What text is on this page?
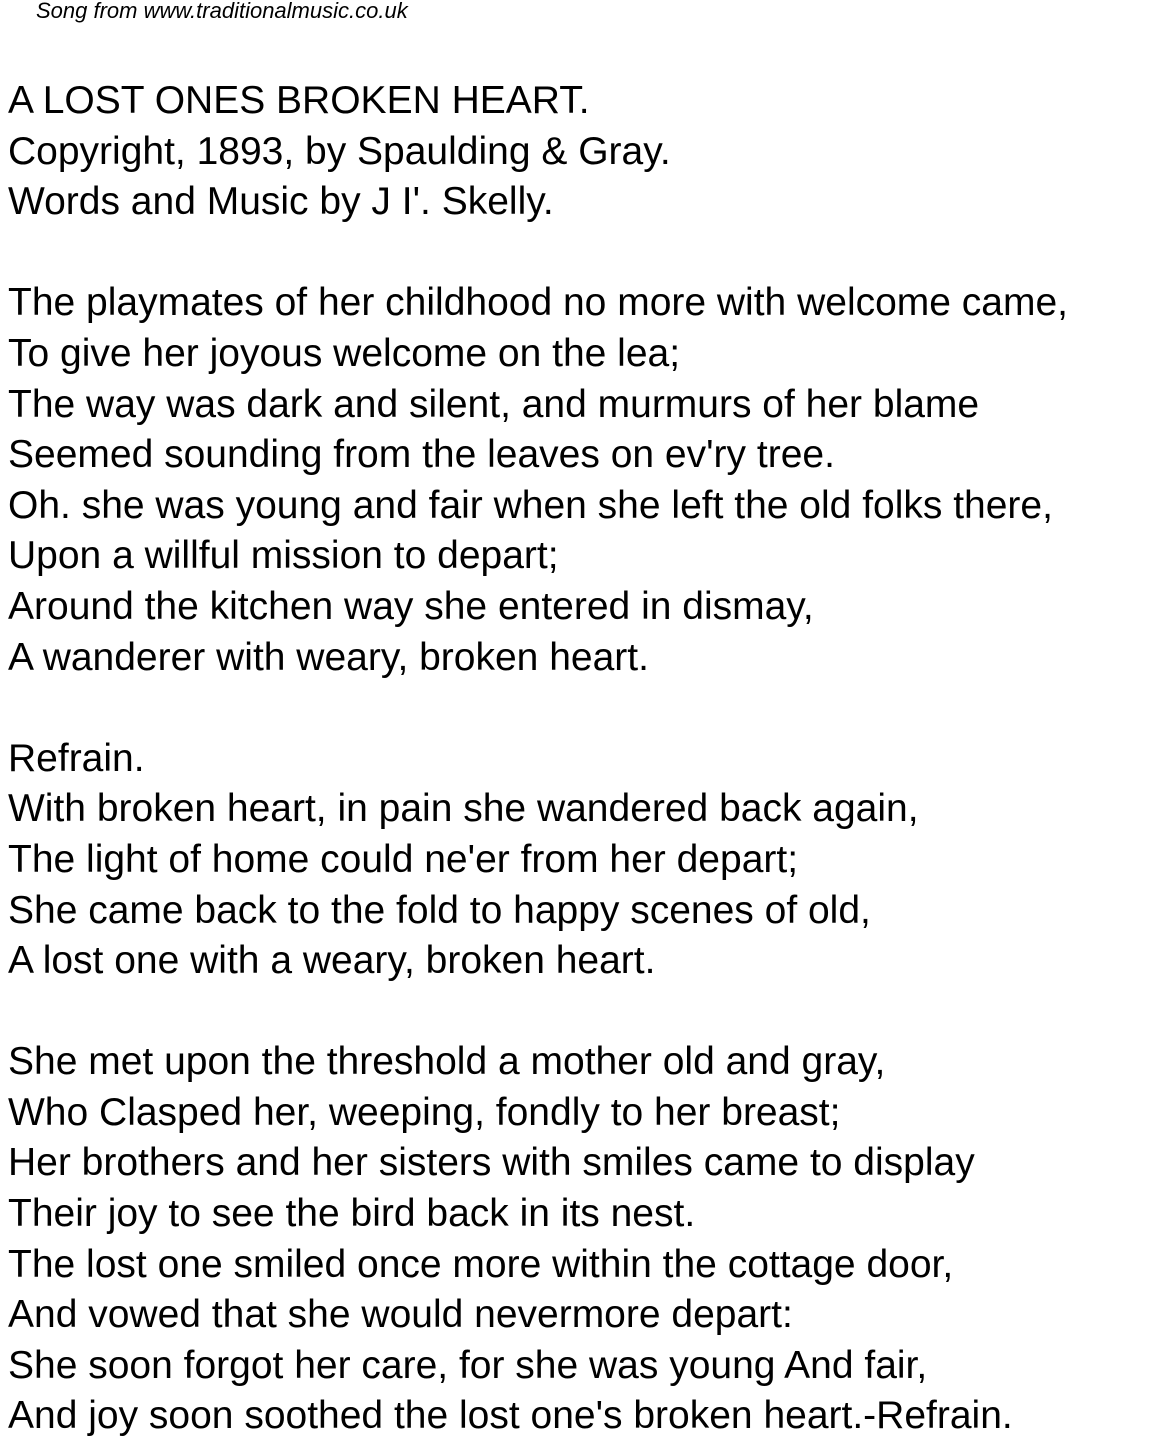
Song from www.traditionalmusic.co.uk
A LOST ONES BROKEN HEART.
Copyright, 1893, by Spaulding & Gray.
Words and Music by J I'. Skelly.
The playmates of her childhood no more with welcome came,
To give her joyous welcome on the lea;
The way was dark and silent, and murmurs of her blame
Seemed sounding from the leaves on ev'ry tree.
Oh. she was young and fair when she left the old folks there,
Upon a willful mission to depart;
Around the kitchen way she entered in dismay,
A wanderer with weary, broken heart.
Refrain.
With broken heart, in pain she wandered back again,
The light of home could ne'er from her depart;
She came back to the fold to happy scenes of old,
A lost one with a weary, broken heart.
She met upon the threshold a mother old and gray,
Who Clasped her, weeping, fondly to her breast;
Her brothers and her sisters with smiles came to display
Their joy to see the bird back in its nest.
The lost one smiled once more within the cottage door,
And vowed that she would nevermore depart:
She soon forgot her care, for she was young And fair,
And joy soon soothed the lost one's broken heart.-Refrain.
